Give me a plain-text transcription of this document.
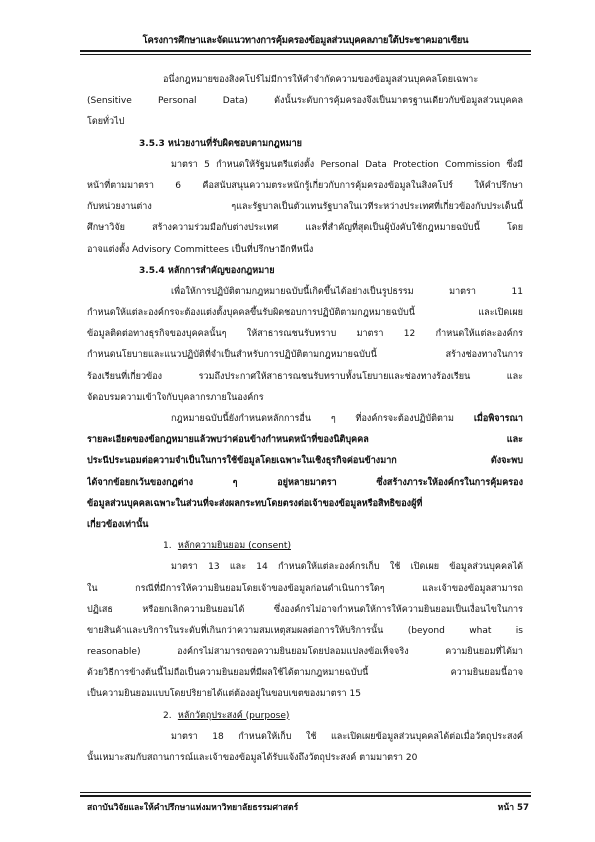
โครงการศึกษาและจัดแนวทางการคุ้มครองข้อมูลส่วนบุคคลภายใต้ประชาคมอาเซียน
อนึ่งกฎหมายของสิงคโปร์ไม่มีการให้คำจำกัดความของข้อมูลส่วนบุคคลโดยเฉพาะ
(Sensitive Personal Data) ดังนั้นระดับการคุ้มครองจึงเป็นมาตรฐานเดียวกับข้อมูลส่วนบุคคล
โดยทั่วไป
3.5.3 หน่วยงานที่รับผิดชอบตามกฎหมาย
มาตรา 5 กำหนดให้รัฐมนตรีแต่งตั้ง Personal Data Protection Commission ซึ่งมี
หน้าที่ตามมาตรา 6 คือสนับสนุนความตระหนักรู้เกี่ยวกับการคุ้มครองข้อมูลในสิงคโปร์ ให้คำปรึกษา
กับหน่วยงานต่าง ๆและรัฐบาลเป็นตัวแทนรัฐบาลในเวทีระหว่างประเทศที่เกี่ยวข้องกับประเด็นนี้
ศึกษาวิจัย สร้างความร่วมมือกับต่างประเทศ และที่สำคัญที่สุดเป็นผู้บังคับใช้กฎหมายฉบับนี้ โดย
อาจแต่งตั้ง Advisory Committees เป็นที่ปรึกษาอีกทีหนึ่ง
3.5.4 หลักการสำคัญของกฎหมาย
เพื่อให้การปฏิบัติตามกฎหมายฉบับนี้เกิดขึ้นได้อย่างเป็นรูปธรรม มาตรา 11
กำหนดให้แต่ละองค์กรจะต้องแต่งตั้งบุคคลขึ้นรับผิดชอบการปฏิบัติตามกฎหมายฉบับนี้ และเปิดเผย
ข้อมูลติดต่อทางธุรกิจของบุคคลนั้นๆ ให้สาธารณชนรับทราบ มาตรา 12 กำหนดให้แต่ละองค์กร
กำหนดนโยบายและแนวปฏิบัติที่จำเป็นสำหรับการปฏิบัติตามกฎหมายฉบับนี้ สร้างช่องทางในการ
ร้องเรียนที่เกี่ยวข้อง รวมถึงประกาศให้สาธารณชนรับทราบทั้งนโยบายและช่องทางร้องเรียน และ
จัดอบรมความเข้าใจกับบุคลากรภายในองค์กร
กฎหมายฉบับนี้ยังกำหนดหลักการอื่น ๆ ที่องค์กรจะต้องปฏิบัติตาม เมื่อพิจารณา
รายละเอียดของข้อกฎหมายแล้วพบว่าค่อนข้างกำหนดหน้าที่ของนิติบุคคล และ
ประนีประนอมต่อความจำเป็นในการใช้ข้อมูลโดยเฉพาะในเชิงธุรกิจค่อนข้างมาก ดังจะพบ
ได้จากข้อยกเว้นของกฎต่าง ๆ อยู่หลายมาตรา ซึ่งสร้างภาระให้องค์กรในการคุ้มครอง
ข้อมูลส่วนบุคคลเฉพาะในส่วนที่จะส่งผลกระทบโดยตรงต่อเจ้าของข้อมูลหรือสิทธิของผู้ที่
เกี่ยวข้องเท่านั้น
1. หลักความยินยอม (consent)
มาตรา 13 และ 14 กำหนดให้แต่ละองค์กรเก็บ ใช้ เปิดเผย ข้อมูลส่วนบุคคลได้
ใน กรณีที่มีการให้ความยินยอมโดยเจ้าของข้อมูลก่อนดำเนินการใดๆ และเจ้าของข้อมูลสามารถ
ปฏิเสธ หรือยกเลิกความยินยอมได้ ซึ่งองค์กรไม่อาจกำหนดให้การให้ความยินยอมเป็นเงื่อนไขในการ
ขายสินค้าและบริการในระดับที่เกินกว่าความสมเหตุสมผลต่อการให้บริการนั้น (beyond what is
reasonable) องค์กรไม่สามารถขอความยินยอมโดยปลอมแปลงข้อเท็จจริง ความยินยอมที่ได้มา
ด้วยวิธีการข้างต้นนี้ไม่ถือเป็นความยินยอมที่มีผลใช้ได้ตามกฎหมายฉบับนี้ ความยินยอมนี้อาจ
เป็นความยินยอมแบบโดยปริยายได้แต่ต้องอยู่ในขอบเขตของมาตรา 15
2. หลักวัตถุประสงค์ (purpose)
มาตรา 18 กำหนดให้เก็บ ใช้ และเปิดเผยข้อมูลส่วนบุคคลได้ต่อเมื่อวัตถุประสงค์
นั้นเหมาะสมกับสถานการณ์และเจ้าของข้อมูลได้รับแจ้งถึงวัตถุประสงค์ ตามมาตรา 20
สถาบันวิจัยและให้คำปรึกษาแห่งมหาวิทยาลัยธรรมศาสตร์	หน้า 57
